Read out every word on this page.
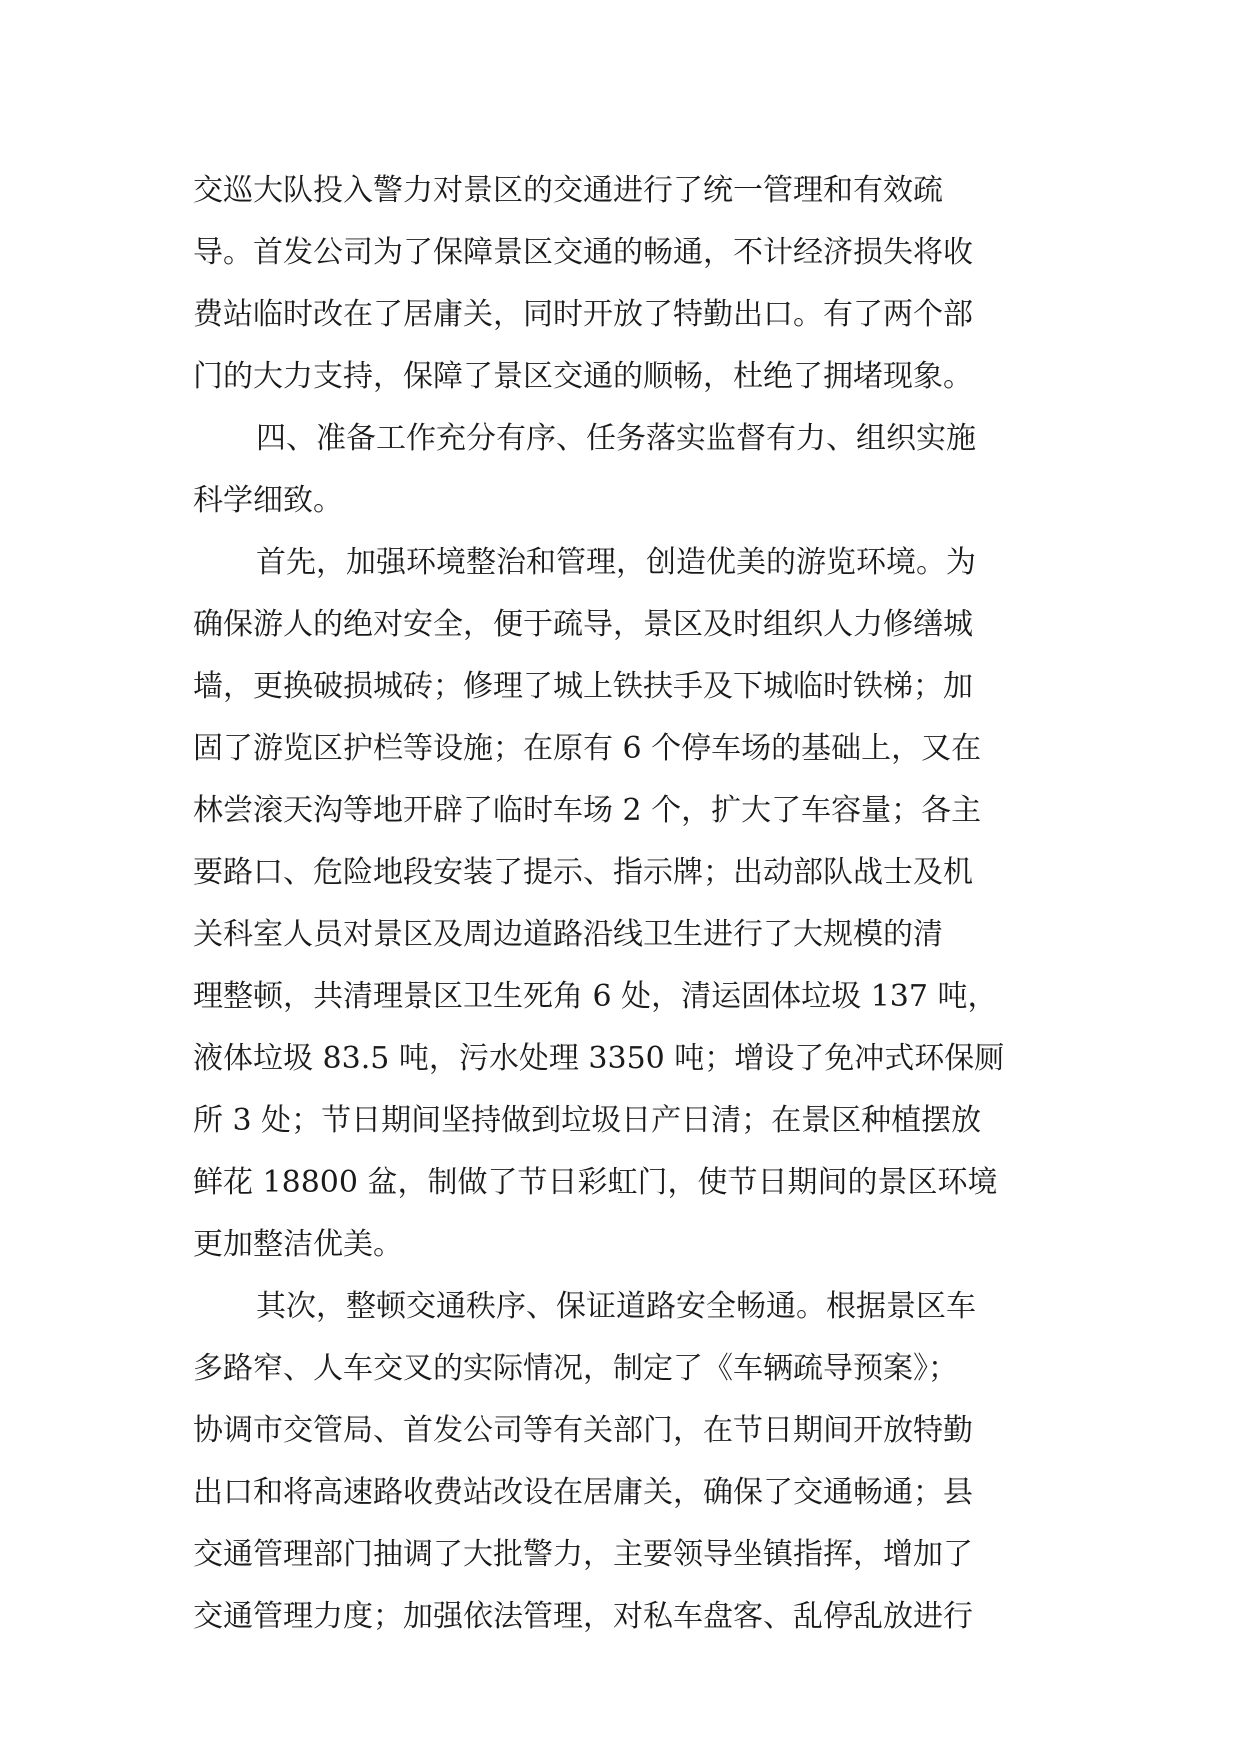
交巡大队投入警力对景区的交通进行了统一管理和有效疏
导。首发公司为了保障景区交通的畅通，不计经济损失将收
费站临时改在了居庸关，同时开放了特勤出口。有了两个部
门的大力支持，保障了景区交通的顺畅，杜绝了拥堵现象。
四、准备工作充分有序、任务落实监督有力、组织实施
科学细致。
首先，加强环境整治和管理，创造优美的游览环境。为
确保游人的绝对安全，便于疏导，景区及时组织人力修缮城
墙，更换破损城砖；修理了城上铁扶手及下城临时铁梯；加
固了游览区护栏等设施；在原有 6 个停车场的基础上，又在
林尝滚天沟等地开辟了临时车场 2 个，扩大了车容量；各主
要路口、危险地段安装了提示、指示牌；出动部队战士及机
关科室人员对景区及周边道路沿线卫生进行了大规模的清
理整顿，共清理景区卫生死角 6 处，清运固体垃圾 137 吨，
液体垃圾 83.5 吨，污水处理 3350 吨；增设了免冲式环保厕
所 3 处；节日期间坚持做到垃圾日产日清；在景区种植摆放
鲜花 18800 盆，制做了节日彩虹门，使节日期间的景区环境
更加整洁优美。
其次，整顿交通秩序、保证道路安全畅通。根据景区车
多路窄、人车交叉的实际情况，制定了《车辆疏导预案》；
协调市交管局、首发公司等有关部门，在节日期间开放特勤
出口和将高速路收费站改设在居庸关，确保了交通畅通；县
交通管理部门抽调了大批警力，主要领导坐镇指挥，增加了
交通管理力度；加强依法管理，对私车盘客、乱停乱放进行
